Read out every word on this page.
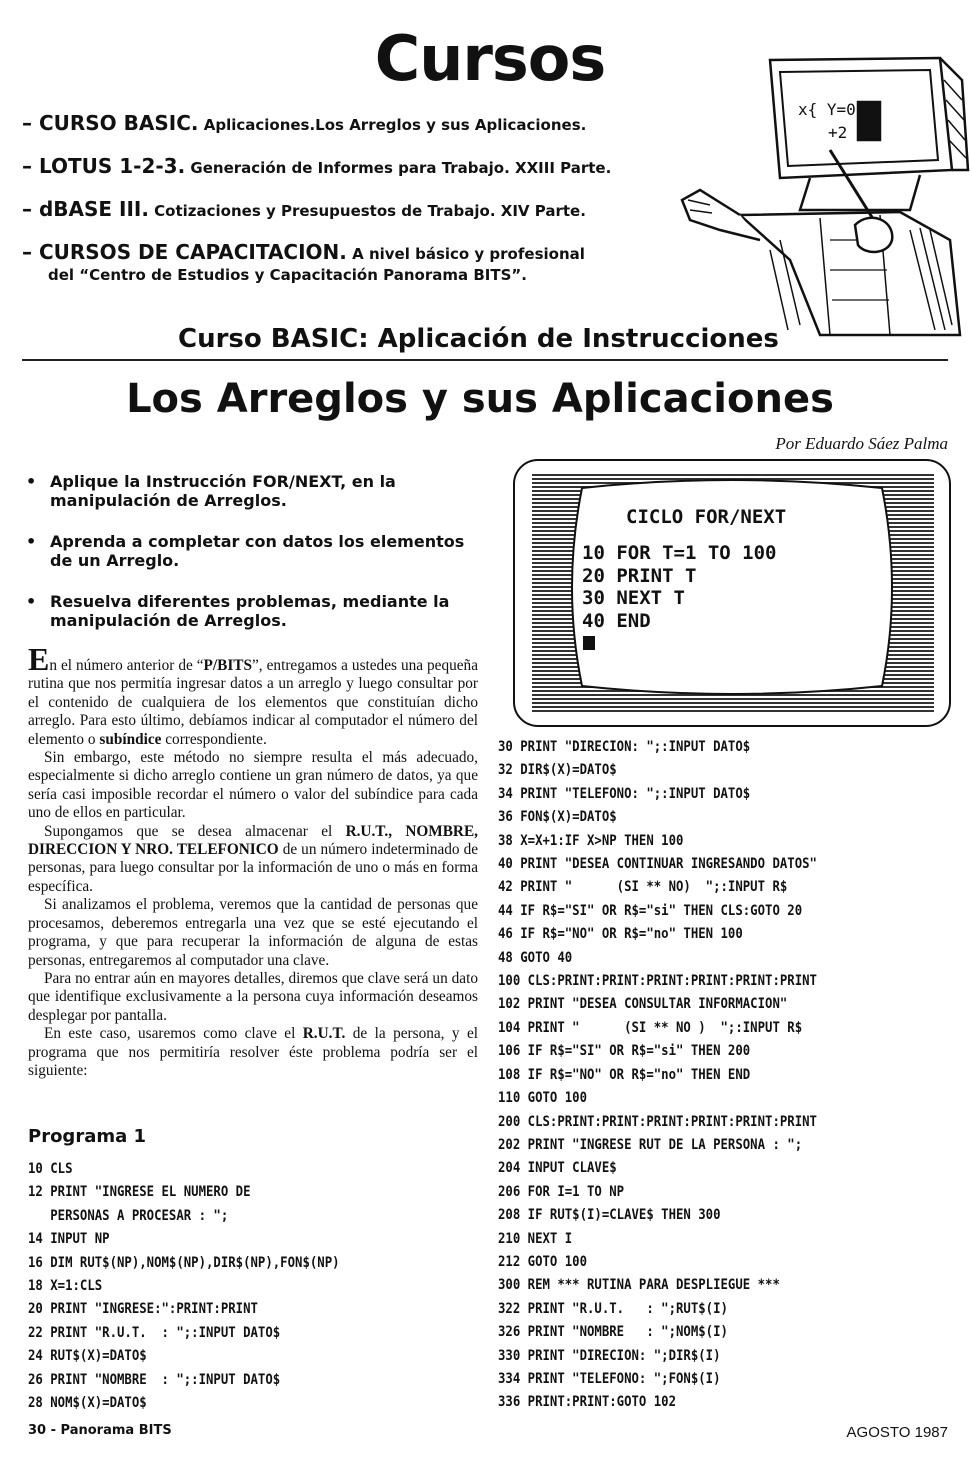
Cursos
– CURSO BASIC. Aplicaciones.Los Arreglos y sus Aplicaciones.
– LOTUS 1-2-3. Generación de Informes para Trabajo. XXIII Parte.
– dBASE III. Cotizaciones y Presupuestos de Trabajo. XIV Parte.
– CURSOS DE CAPACITACION. A nivel básico y profesional
del “Centro de Estudios y Capacitación Panorama BITS”.
x{ Y=0
+2
Curso BASIC: Aplicación de Instrucciones
Los Arreglos y sus Aplicaciones
Por Eduardo Sáez Palma
• Aplique la Instrucción FOR/NEXT, en la manipulación de Arreglos.
• Aprenda a completar con datos los elementos de un Arreglo.
• Resuelva diferentes problemas, mediante la manipulación de Arreglos.
CICLO FOR/NEXT
10 FOR T=1 TO 100
20 PRINT T
30 NEXT T
40 END

En el número anterior de “P/BITS”, entregamos a ustedes una pequeña rutina que nos permitía ingresar datos a un arreglo y luego consultar por el contenido de cualquiera de los elementos que constituían dicho arreglo. Para esto último, debíamos indicar al computador el número del elemento o subíndice correspondiente.

Sin embargo, este método no siempre resulta el más adecuado, especialmente si dicho arreglo contiene un gran número de datos, ya que sería casi imposible recordar el número o valor del subíndice para cada uno de ellos en particular.

Supongamos que se desea almacenar el R.U.T., NOMBRE, DIRECCION Y NRO. TELEFONICO de un número indeterminado de personas, para luego consultar por la información de uno o más en forma específica.

Si analizamos el problema, veremos que la cantidad de personas que procesamos, deberemos entregarla una vez que se esté ejecutando el programa, y que para recuperar la información de alguna de estas personas, entregaremos al computador una clave.

Para no entrar aún en mayores detalles, diremos que clave será un dato que identifique exclusivamente a la persona cuya información deseamos desplegar por pantalla.

En este caso, usaremos como clave el R.U.T. de la persona, y el programa que nos permitiría resolver éste problema podría ser el siguiente:

Programa 1
10 CLS
12 PRINT "INGRESE EL NUMERO DE
PERSONAS A PROCESAR : ";
14 INPUT NP
16 DIM RUT$(NP),NOM$(NP),DIR$(NP),FON$(NP)
18 X=1:CLS
20 PRINT "INGRESE:":PRINT:PRINT
22 PRINT "R.U.T.  : ";:INPUT DATO$
24 RUT$(X)=DATO$
26 PRINT "NOMBRE  : ";:INPUT DATO$
28 NOM$(X)=DATO$
30 PRINT "DIRECION: ";:INPUT DATO$
32 DIR$(X)=DATO$
34 PRINT "TELEFONO: ";:INPUT DATO$
36 FON$(X)=DATO$
38 X=X+1:IF X>NP THEN 100
40 PRINT "DESEA CONTINUAR INGRESANDO DATOS"
42 PRINT "      (SI ** NO)  ";:INPUT R$
44 IF R$="SI" OR R$="si" THEN CLS:GOTO 20
46 IF R$="NO" OR R$="no" THEN 100
48 GOTO 40
100 CLS:PRINT:PRINT:PRINT:PRINT:PRINT:PRINT
102 PRINT "DESEA CONSULTAR INFORMACION"
104 PRINT "      (SI ** NO )  ";:INPUT R$
106 IF R$="SI" OR R$="si" THEN 200
108 IF R$="NO" OR R$="no" THEN END
110 GOTO 100
200 CLS:PRINT:PRINT:PRINT:PRINT:PRINT:PRINT
202 PRINT "INGRESE RUT DE LA PERSONA : ";
204 INPUT CLAVE$
206 FOR I=1 TO NP
208 IF RUT$(I)=CLAVE$ THEN 300
210 NEXT I
212 GOTO 100
300 REM *** RUTINA PARA DESPLIEGUE ***
322 PRINT "R.U.T.   : ";RUT$(I)
326 PRINT "NOMBRE   : ";NOM$(I)
330 PRINT "DIRECION: ";DIR$(I)
334 PRINT "TELEFONO: ";FON$(I)
336 PRINT:PRINT:GOTO 102
30 - Panorama BITS	AGOSTO 1987
